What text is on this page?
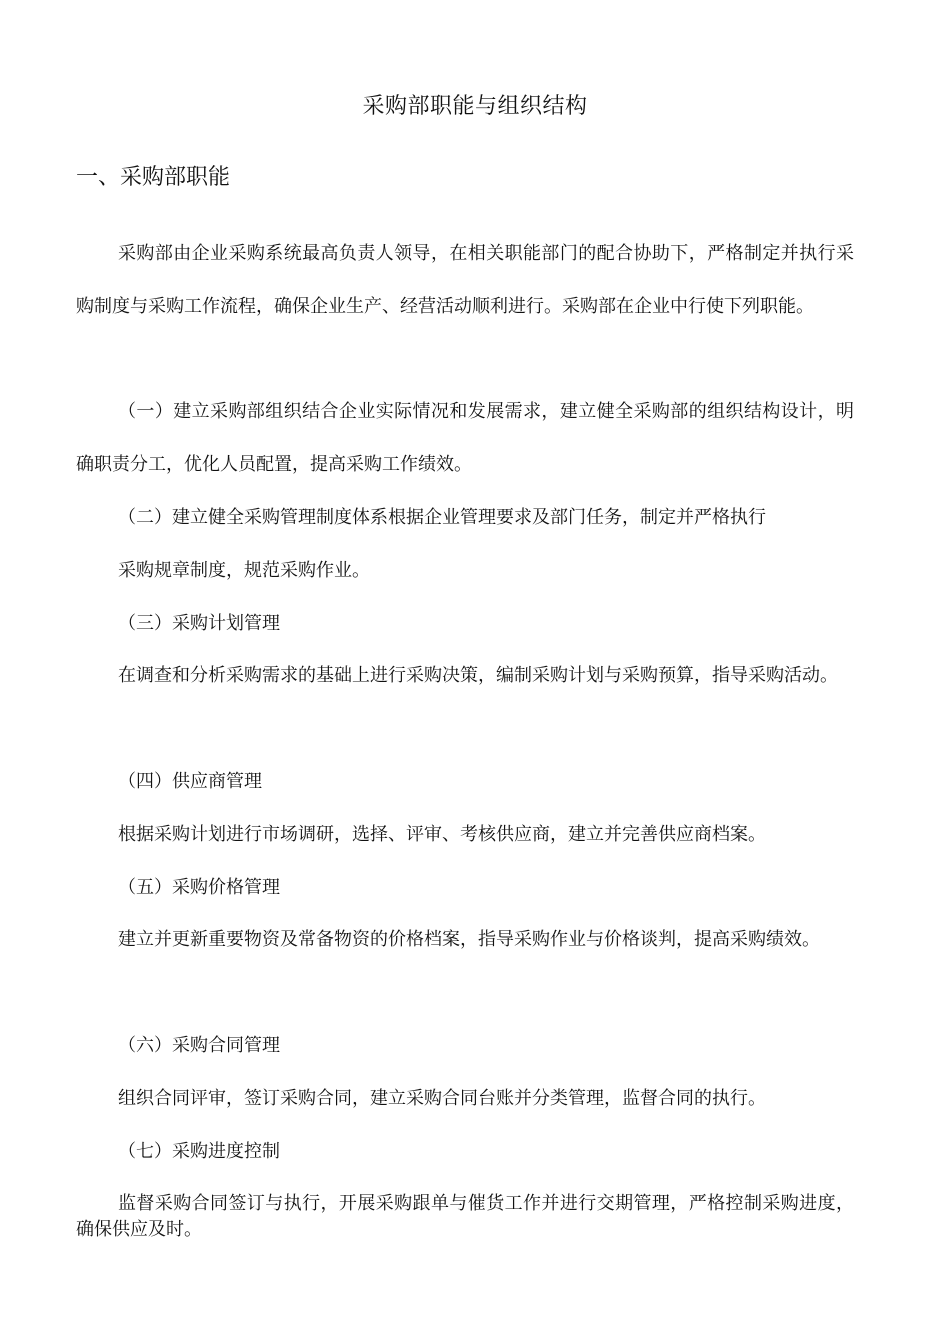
采购部职能与组织结构
一、采购部职能

采购部由企业采购系统最高负责人领导，在相关职能部门的配合协助下，严格制定并执行采购制度与采购工作流程，确保企业生产、经营活动顺利进行。采购部在企业中行使下列职能。

（一）建立采购部组织结合企业实际情况和发展需求，建立健全采购部的组织结构设计，明确职责分工，优化人员配置，提高采购工作绩效。

（二）建立健全采购管理制度体系根据企业管理要求及部门任务，制定并严格执行

采购规章制度，规范采购作业。

（三）采购计划管理

在调查和分析采购需求的基础上进行采购决策，编制采购计划与采购预算，指导采购活动。

（四）供应商管理

根据采购计划进行市场调研，选择、评审、考核供应商，建立并完善供应商档案。

（五）采购价格管理

建立并更新重要物资及常备物资的价格档案，指导采购作业与价格谈判，提高采购绩效。

（六）采购合同管理

组织合同评审，签订采购合同，建立采购合同台账并分类管理，监督合同的执行。

（七）采购进度控制

监督采购合同签订与执行，开展采购跟单与催货工作并进行交期管理，严格控制采购进度，确保供应及时。
